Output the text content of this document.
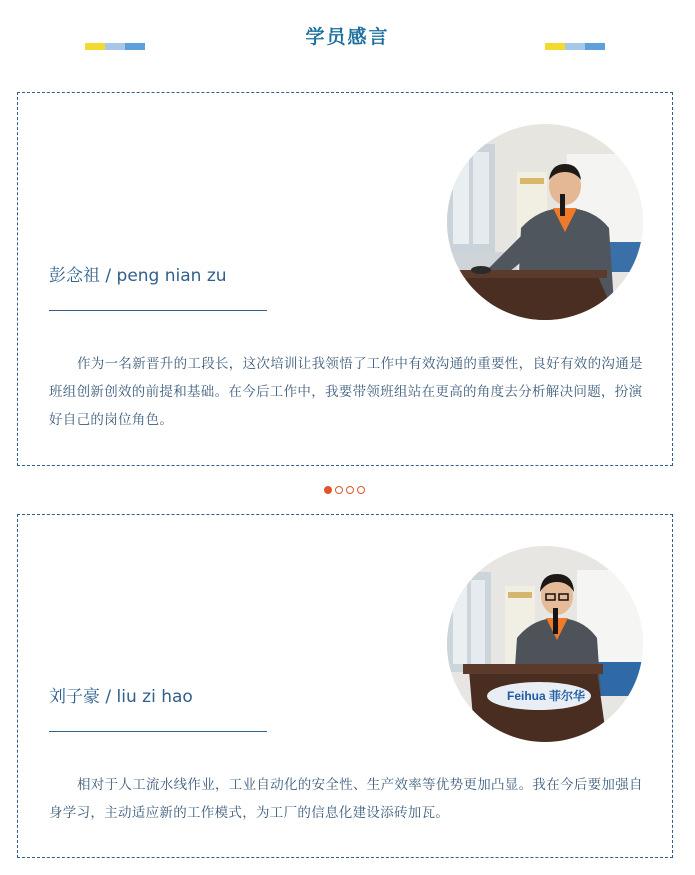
学员感言
彭念祖 / peng nian zu

作为一名新晋升的工段长，这次培训让我领悟了工作中有效沟通的重要性，良好有效的沟通是班组创新创效的前提和基础。在今后工作中，我要带领班组站在更高的角度去分析解决问题，扮演好自己的岗位角色。

Feihua 菲尔华
刘子豪 / liu zi hao

相对于人工流水线作业，工业自动化的安全性、生产效率等优势更加凸显。我在今后要加强自身学习，主动适应新的工作模式，为工厂的信息化建设添砖加瓦。
